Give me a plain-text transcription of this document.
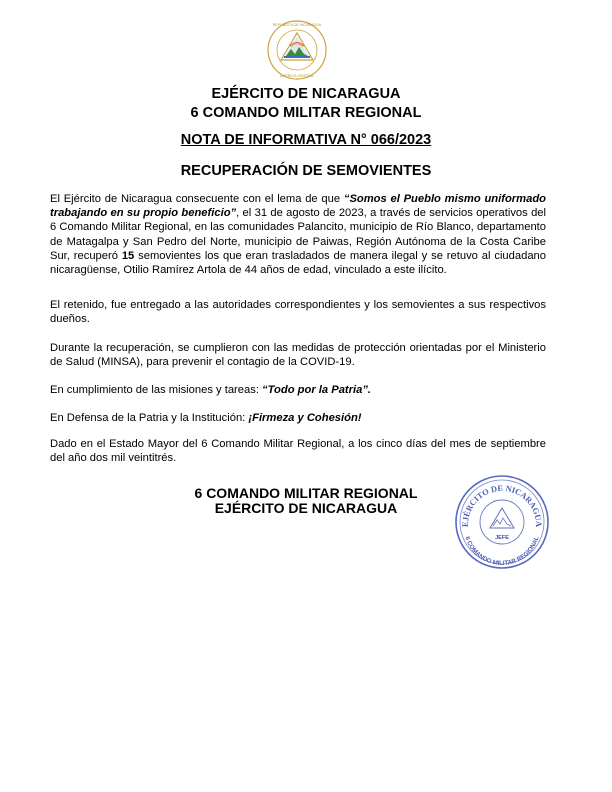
REPÚBLICA DE NICARAGUA
AMÉRICA CENTRAL
EJÉRCITO DE NICARAGUA
6 COMANDO MILITAR REGIONAL
NOTA DE INFORMATIVA N° 066/2023
RECUPERACIÓN DE SEMOVIENTES
El Ejército de Nicaragua consecuente con el lema de que “Somos el Pueblo mismo uniformado trabajando en su propio beneficio”, el 31 de agosto de 2023, a través de servicios operativos del 6 Comando Militar Regional, en las comunidades Palancito, municipio de Río Blanco, departamento de Matagalpa y San Pedro del Norte, municipio de Paiwas, Región Autónoma de la Costa Caribe Sur, recuperó 15 semovientes los que eran trasladados de manera ilegal y se retuvo al ciudadano nicaragüense, Otilio Ramírez Artola de 44 años de edad, vinculado a este ilícito.
El retenido, fue entregado a las autoridades correspondientes y los semovientes a sus respectivos dueños.
Durante la recuperación, se cumplieron con las medidas de protección orientadas por el Ministerio de Salud (MINSA), para prevenir el contagio de la COVID-19.
En cumplimiento de las misiones y tareas: “Todo por la Patria”.
En Defensa de la Patria y la Institución: ¡Firmeza y Cohesión!
Dado en el Estado Mayor del 6 Comando Militar Regional, a los cinco días del mes de septiembre del año dos mil veintitrés.
6 COMANDO MILITAR REGIONAL
EJÉRCITO DE NICARAGUA
EJÉRCITO DE NICARAGUA
6 COMANDO MILITAR REGIONAL
JEFE
